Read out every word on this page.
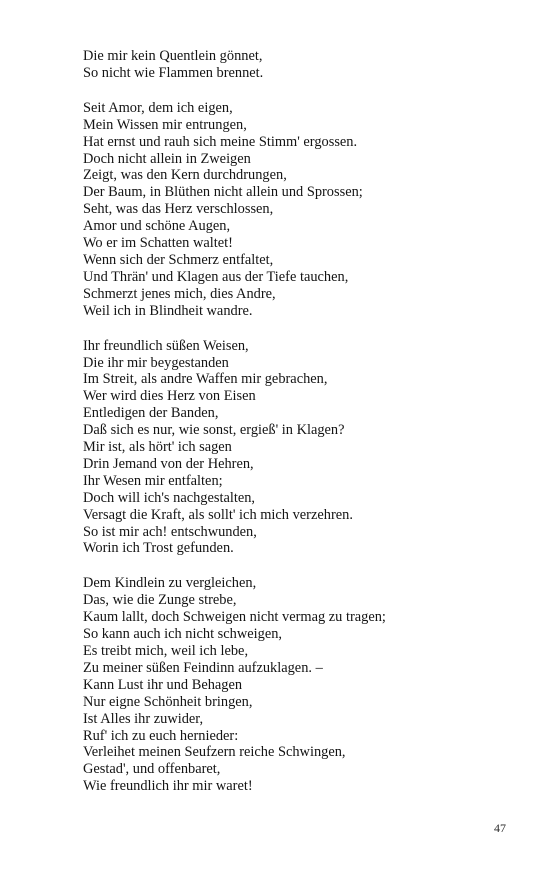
Die mir kein Quentlein gönnet,
So nicht wie Flammen brennet.
Seit Amor, dem ich eigen,
Mein Wissen mir entrungen,
Hat ernst und rauh sich meine Stimm' ergossen.
Doch nicht allein in Zweigen
Zeigt, was den Kern durchdrungen,
Der Baum, in Blüthen nicht allein und Sprossen;
Seht, was das Herz verschlossen,
Amor und schöne Augen,
Wo er im Schatten waltet!
Wenn sich der Schmerz entfaltet,
Und Thrän' und Klagen aus der Tiefe tauchen,
Schmerzt jenes mich, dies Andre,
Weil ich in Blindheit wandre.
Ihr freundlich süßen Weisen,
Die ihr mir beygestanden
Im Streit, als andre Waffen mir gebrachen,
Wer wird dies Herz von Eisen
Entledigen der Banden,
Daß sich es nur, wie sonst, ergieß' in Klagen?
Mir ist, als hört' ich sagen
Drin Jemand von der Hehren,
Ihr Wesen mir entfalten;
Doch will ich's nachgestalten,
Versagt die Kraft, als sollt' ich mich verzehren.
So ist mir ach! entschwunden,
Worin ich Trost gefunden.
Dem Kindlein zu vergleichen,
Das, wie die Zunge strebe,
Kaum lallt, doch Schweigen nicht vermag zu tragen;
So kann auch ich nicht schweigen,
Es treibt mich, weil ich lebe,
Zu meiner süßen Feindinn aufzuklagen. –
Kann Lust ihr und Behagen
Nur eigne Schönheit bringen,
Ist Alles ihr zuwider,
Ruf' ich zu euch hernieder:
Verleihet meinen Seufzern reiche Schwingen,
Gestad', und offenbaret,
Wie freundlich ihr mir waret!
47
